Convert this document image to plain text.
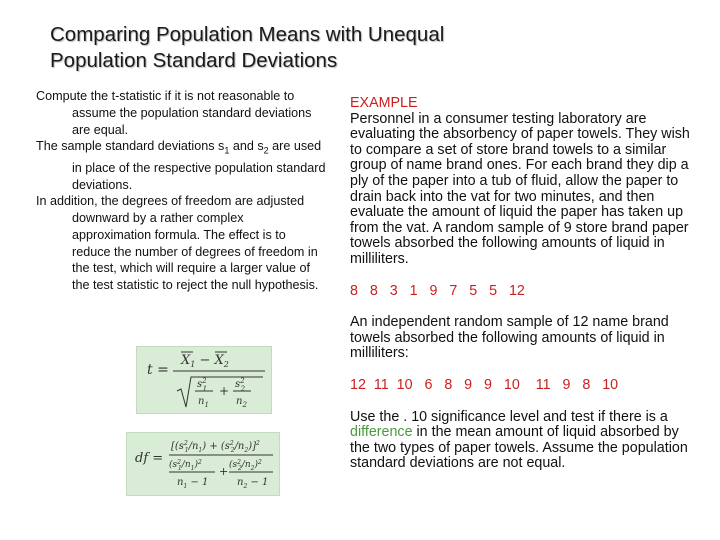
Comparing Population Means with Unequal
Population Standard Deviations

Compute the t-statistic if it is not reasonable to assume the population standard deviations are equal.

The sample standard deviations $s_1$ and $s_2$ are used in place of the respective population standard deviations.

In addition, the degrees of freedom are adjusted downward by a rather complex approximation formula. The effect is to reduce the number of degrees of freedom in the test, which will require a larger value of the test statistic to reject the null hypothesis.

t =
$X_1 - X_2$
$s^2$ 1
$n_1$
+ $s^2$ 2
$n_2$
df =
[($s^2$ $1/n_1) + (s^2$ $2/n_2)]^2$
($s^2$ $1/n_1)^2$
$n_1 - 1$
+ ($s^2$ $2/n_2)^2$
$n_2 - 1$

EXAMPLE

Personnel in a consumer testing laboratory are evaluating the absorbency of paper towels. They wish to compare a set of store brand towels to a similar group of name brand ones. For each brand they dip a ply of the paper into a tub of fluid, allow the paper to drain back into the vat for two minutes, and then evaluate the amount of liquid the paper has taken up from the vat. A random sample of 9 store brand paper towels absorbed the following amounts of liquid in milliliters.

8   8   3   1   9   7   5   5   12

An independent random sample of 12 name brand towels absorbed the following amounts of liquid in milliliters:

12  11  10   6   8   9   9   10    11   9   8   10

Use the . 10 significance level and test if there is a difference in the mean amount of liquid absorbed by the two types of paper towels. Assume the population standard deviations are not equal.
